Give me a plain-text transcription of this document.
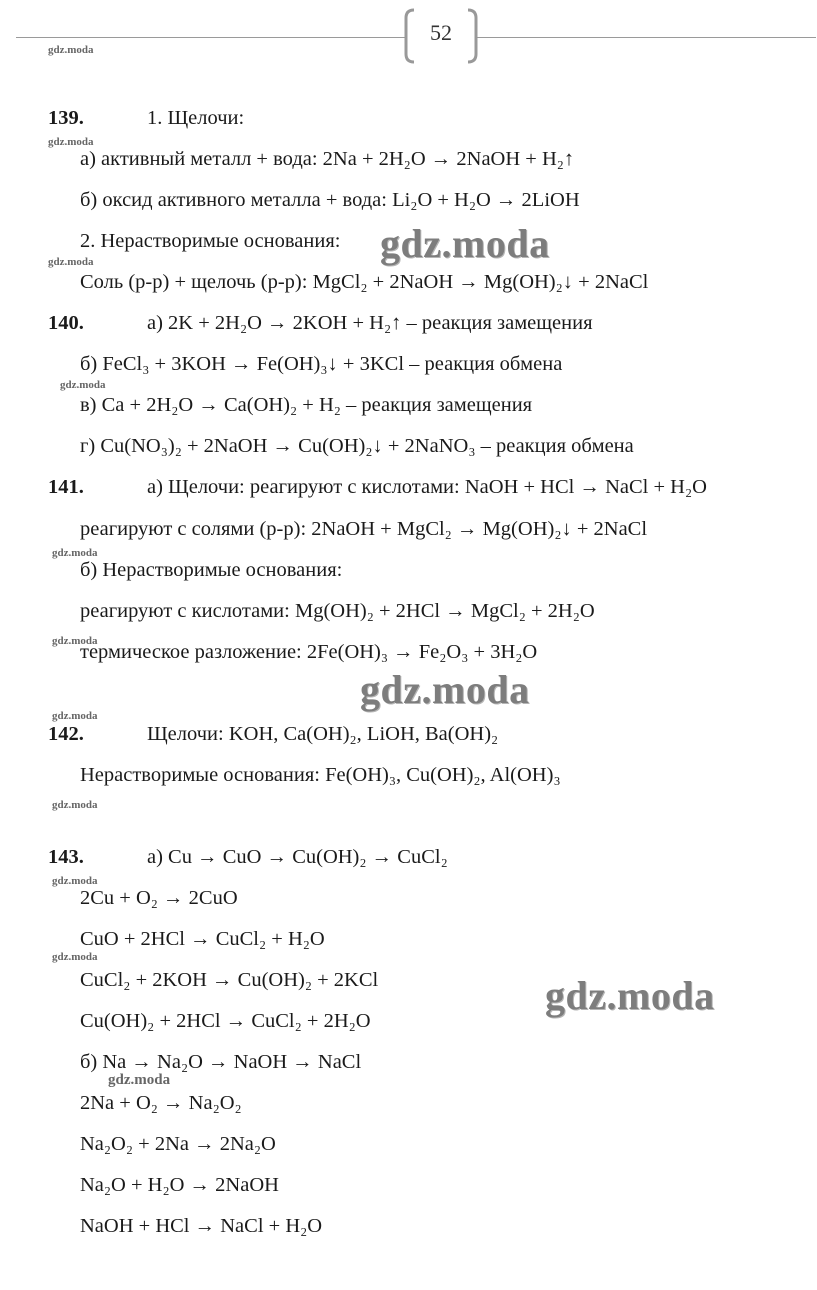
52
gdz.moda
gdz.moda
gdz.moda
gdz.moda
gdz.moda
gdz.moda
gdz.moda
gdz.moda
gdz.moda
gdz.moda
gdz.moda
gdz.moda
gdz.moda
gdz.moda
139.	1. Щелочи:
а) активный металл + вода: 2Na + 2H₂O → 2NaOH + H₂↑
б) оксид активного металла + вода: Li₂O + H₂O → 2LiOH
2. Нерастворимые основания:
Соль (р-р) + щелочь (р-р): MgCl₂ + 2NaOH → Mg(OH)₂↓ + 2NaCl
140.	а) 2K + 2H₂O → 2KOH + H₂↑ – реакция замещения
б) FeCl₃ + 3KOH → Fe(OH)₃↓ + 3KCl – реакция обмена
в) Ca + 2H₂O → Ca(OH)₂ + H₂ – реакция замещения
г) Cu(NO₃)₂ + 2NaOH → Cu(OH)₂↓ + 2NaNO₃ – реакция обмена
141.	а) Щелочи: реагируют с кислотами: NaOH + HCl → NaCl + H₂O
реагируют с солями (р-р): 2NaOH + MgCl₂ → Mg(OH)₂↓ + 2NaCl
б) Нерастворимые основания:
реагируют с кислотами: Mg(OH)₂ + 2HCl → MgCl₂ + 2H₂O
термическое разложение: 2Fe(OH)₃ → Fe₂O₃ + 3H₂O
142.	Щелочи: KOH, Ca(OH)₂, LiOH, Ba(OH)₂
Нерастворимые основания: Fe(OH)₃, Cu(OH)₂, Al(OH)₃
143.	а) Cu → CuO → Cu(OH)₂ → CuCl₂
2Cu + O₂ → 2CuO
CuO + 2HCl → CuCl₂ + H₂O
CuCl₂ + 2KOH → Cu(OH)₂ + 2KCl
Cu(OH)₂ + 2HCl → CuCl₂ + 2H₂O
б) Na → Na₂O → NaOH → NaCl
2Na + O₂ → Na₂O₂
Na₂O₂ + 2Na → 2Na₂O
Na₂O + H₂O → 2NaOH
NaOH + HCl → NaCl + H₂O
